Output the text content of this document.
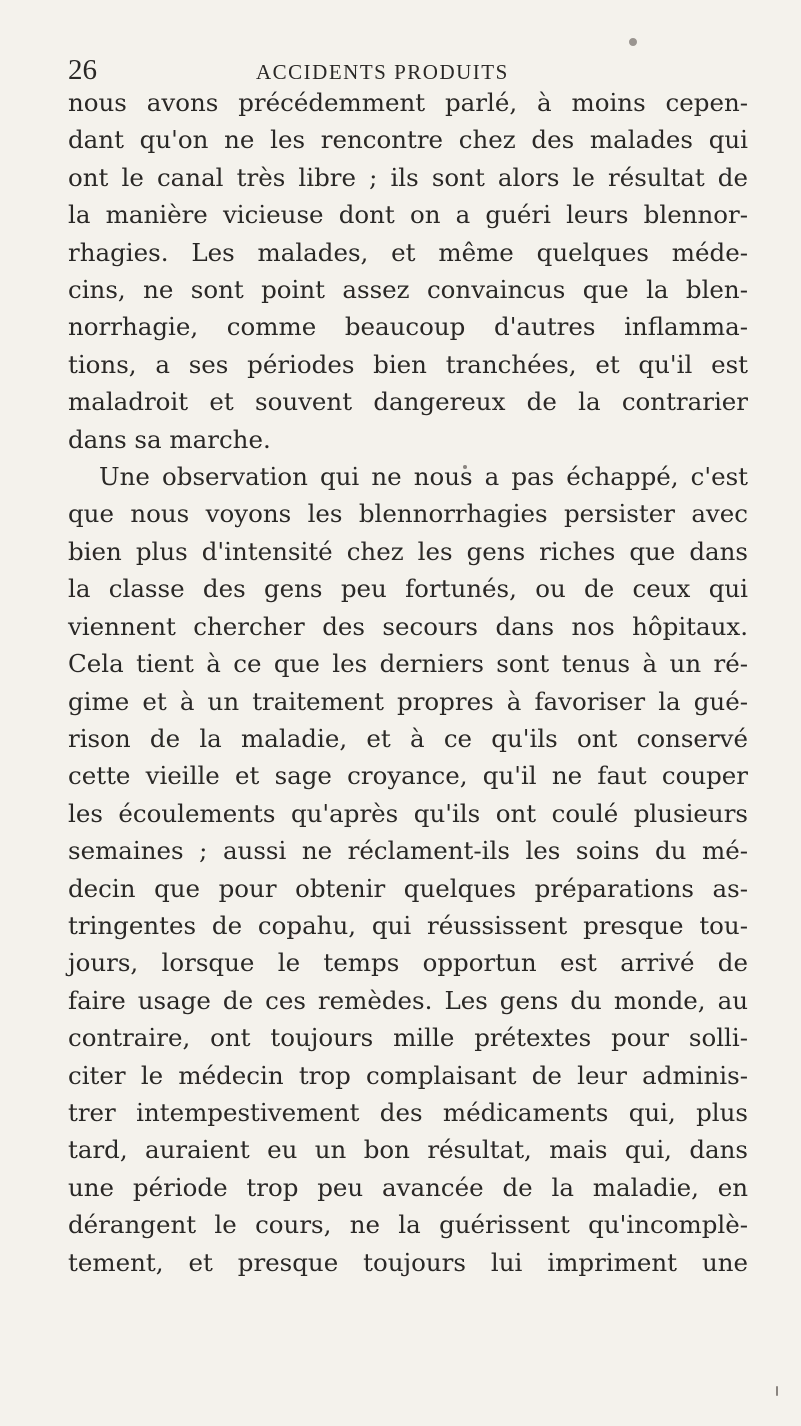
26	ACCIDENTS PRODUITS
nous avons précédemment parlé, à moins cepen-
dant qu'on ne les rencontre chez des malades qui
ont le canal très libre ; ils sont alors le résultat de
la manière vicieuse dont on a guéri leurs blennor-
rhagies. Les malades, et même quelques méde-
cins, ne sont point assez convaincus que la blen-
norrhagie, comme beaucoup d'autres inflamma-
tions, a ses périodes bien tranchées, et qu'il est
maladroit et souvent dangereux de la contrarier
dans sa marche.
Une observation qui ne nous a pas échappé, c'est
que nous voyons les blennorrhagies persister avec
bien plus d'intensité chez les gens riches que dans
la classe des gens peu fortunés, ou de ceux qui
viennent chercher des secours dans nos hôpitaux.
Cela tient à ce que les derniers sont tenus à un ré-
gime et à un traitement propres à favoriser la gué-
rison de la maladie, et à ce qu'ils ont conservé
cette vieille et sage croyance, qu'il ne faut couper
les écoulements qu'après qu'ils ont coulé plusieurs
semaines ; aussi ne réclament-ils les soins du mé-
decin que pour obtenir quelques préparations as-
tringentes de copahu, qui réussissent presque tou-
jours, lorsque le temps opportun est arrivé de
faire usage de ces remèdes. Les gens du monde, au
contraire, ont toujours mille prétextes pour solli-
citer le médecin trop complaisant de leur adminis-
trer intempestivement des médicaments qui, plus
tard, auraient eu un bon résultat, mais qui, dans
une période trop peu avancée de la maladie, en
dérangent le cours, ne la guérissent qu'incomplè-
tement, et presque toujours lui impriment une
